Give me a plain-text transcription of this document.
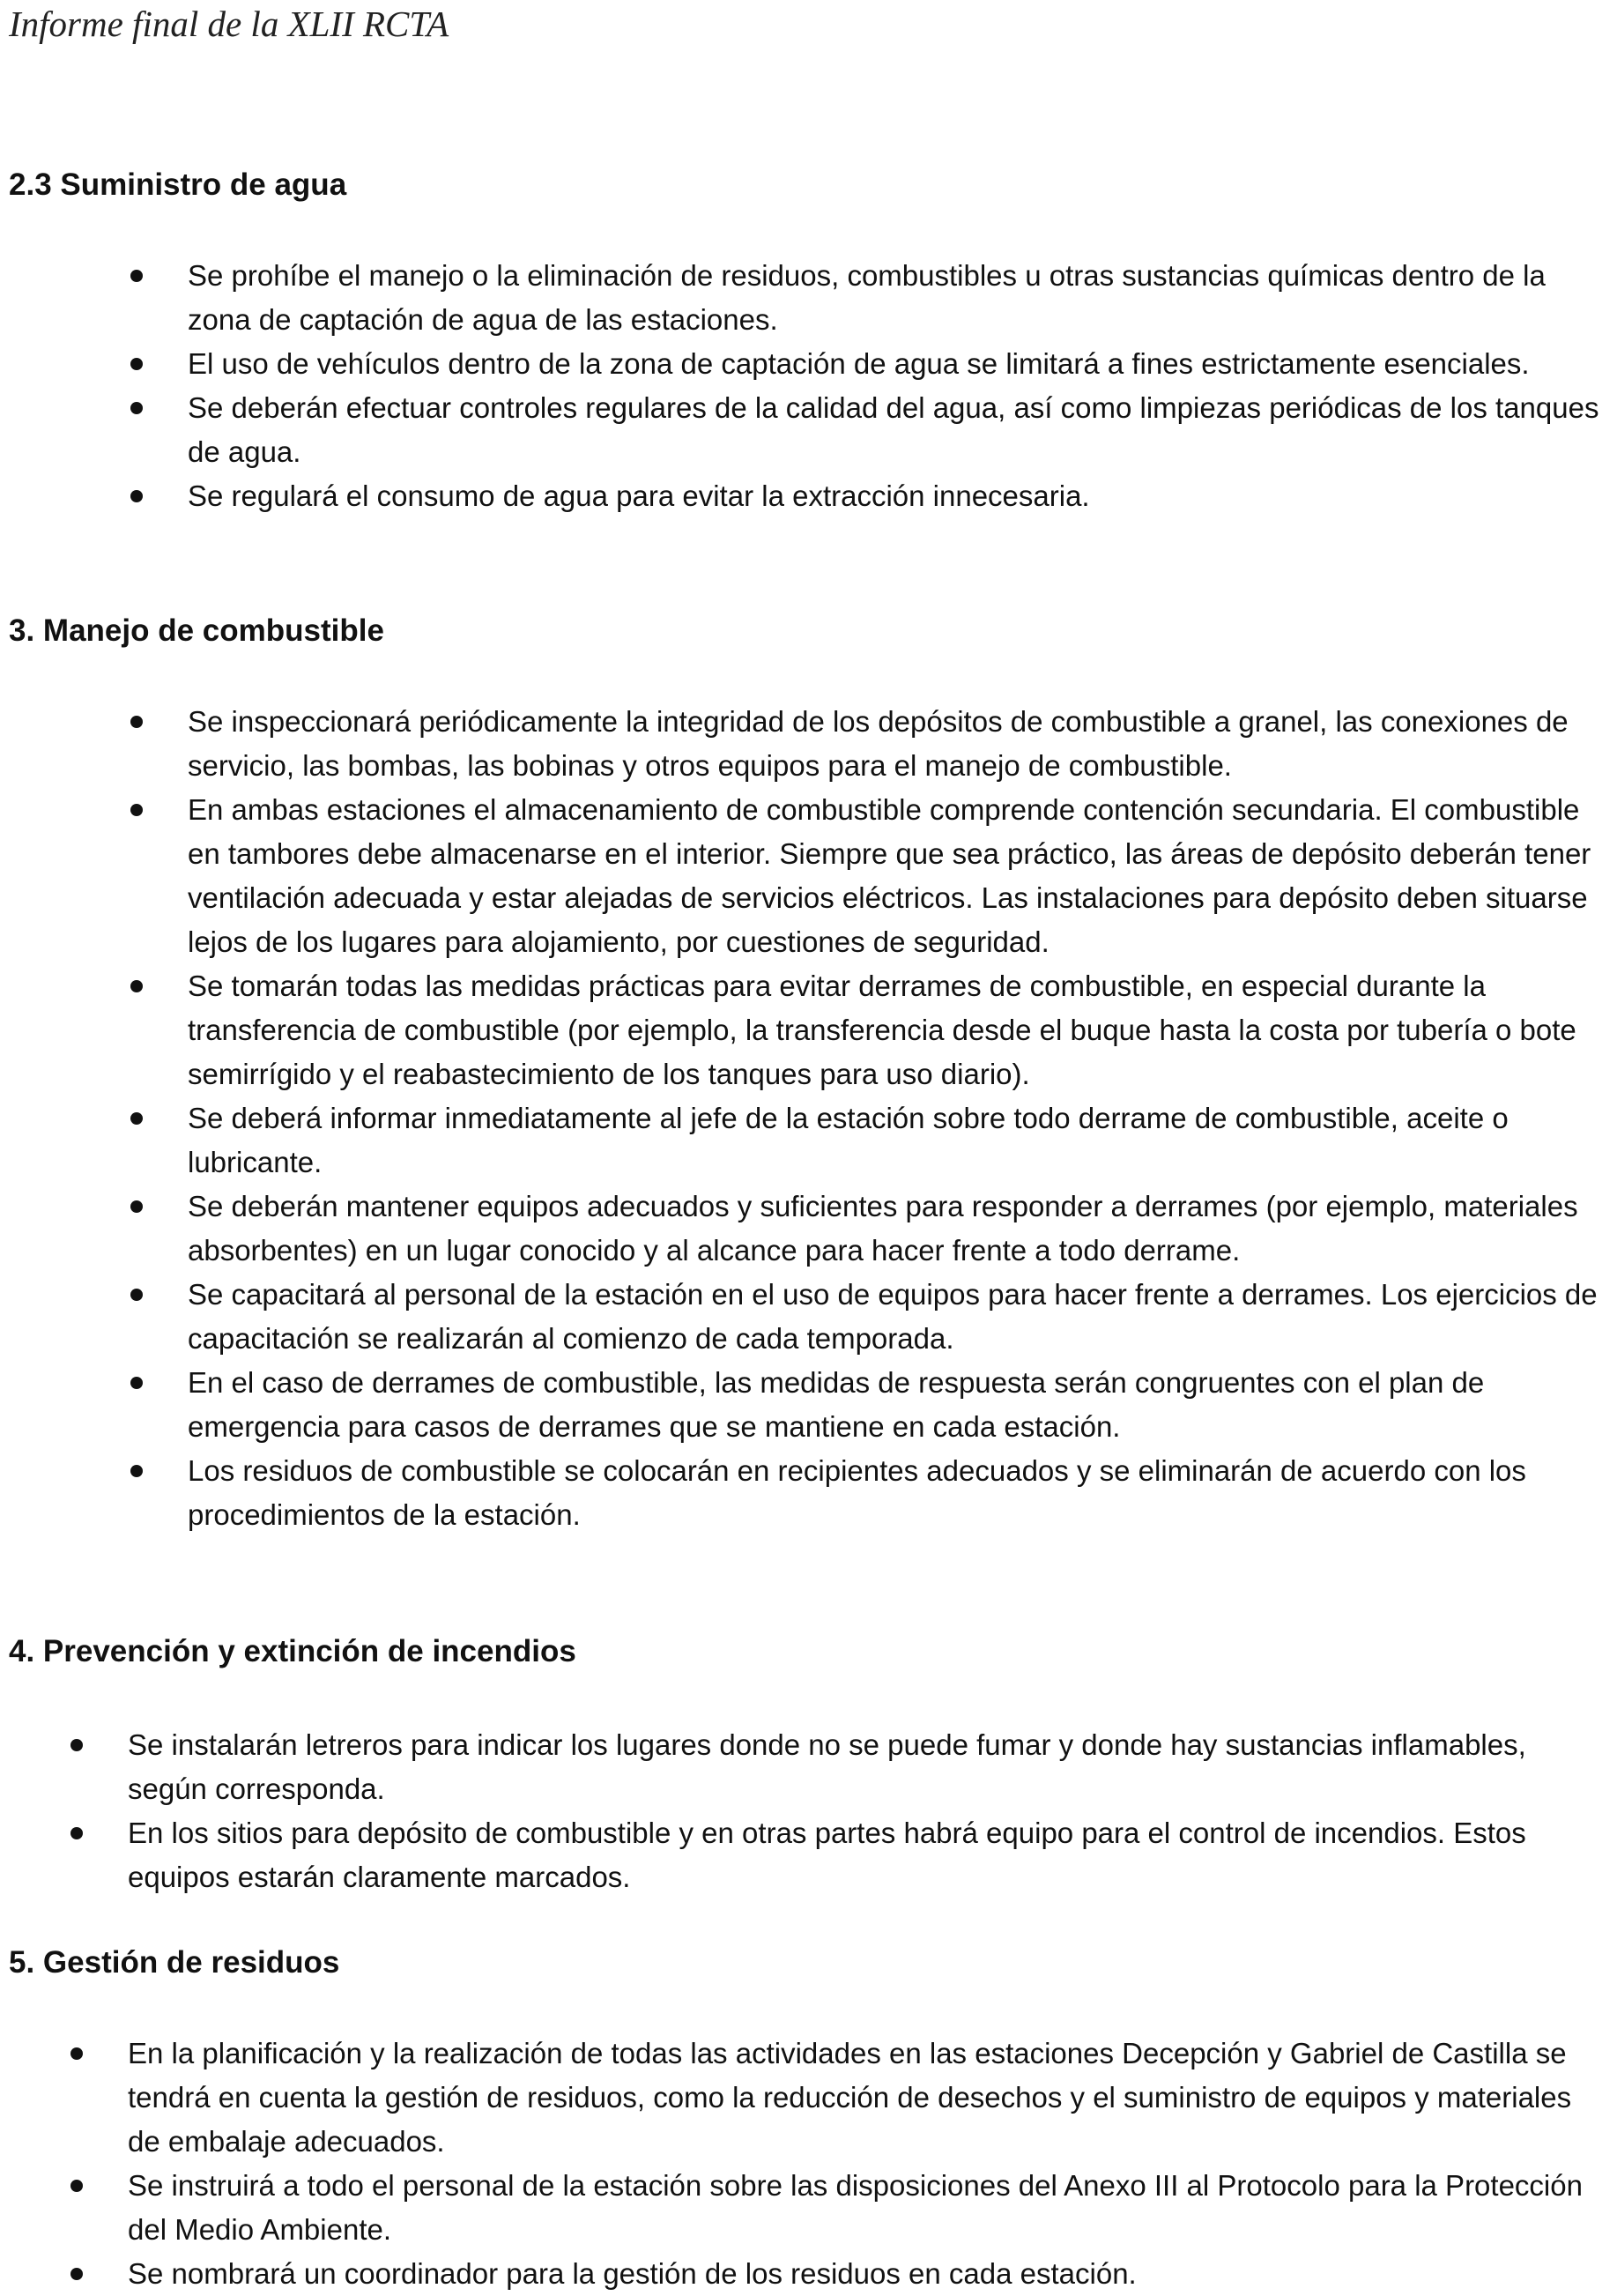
Informe final de la XLII RCTA
2.3 Suministro de agua
Se prohíbe el manejo o la eliminación de residuos, combustibles u otras sustancias químicas dentro de la zona de captación de agua de las estaciones.
El uso de vehículos dentro de la zona de captación de agua se limitará a fines estrictamente esenciales.
Se deberán efectuar controles regulares de la calidad del agua, así como limpiezas periódicas de los tanques de agua.
Se regulará el consumo de agua para evitar la extracción innecesaria.
3. Manejo de combustible
Se inspeccionará periódicamente la integridad de los depósitos de combustible a granel, las conexiones de servicio, las bombas, las bobinas y otros equipos para el manejo de combustible.
En ambas estaciones el almacenamiento de combustible comprende contención secundaria. El combustible en tambores debe almacenarse en el interior. Siempre que sea práctico, las áreas de depósito deberán tener ventilación adecuada y estar alejadas de servicios eléctricos. Las instalaciones para depósito deben situarse lejos de los lugares para alojamiento, por cuestiones de seguridad.
Se tomarán todas las medidas prácticas para evitar derrames de combustible, en especial durante la transferencia de combustible (por ejemplo, la transferencia desde el buque hasta la costa por tubería o bote semirrígido y el reabastecimiento de los tanques para uso diario).
Se deberá informar inmediatamente al jefe de la estación sobre todo derrame de combustible, aceite o lubricante.
Se deberán mantener equipos adecuados y suficientes para responder a derrames (por ejemplo, materiales absorbentes) en un lugar conocido y al alcance para hacer frente a todo derrame.
Se capacitará al personal de la estación en el uso de equipos para hacer frente a derrames. Los ejercicios de capacitación se realizarán al comienzo de cada temporada.
En el caso de derrames de combustible, las medidas de respuesta serán congruentes con el plan de emergencia para casos de derrames que se mantiene en cada estación.
Los residuos de combustible se colocarán en recipientes adecuados y se eliminarán de acuerdo con los procedimientos de la estación.
4. Prevención y extinción de incendios
Se instalarán letreros para indicar los lugares donde no se puede fumar y donde hay sustancias inflamables, según corresponda.
En los sitios para depósito de combustible y en otras partes habrá equipo para el control de incendios. Estos equipos estarán claramente marcados.
5. Gestión de residuos
En la planificación y la realización de todas las actividades en las estaciones Decepción y Gabriel de Castilla se tendrá en cuenta la gestión de residuos, como la reducción de desechos y el suministro de equipos y materiales de embalaje adecuados.
Se instruirá a todo el personal de la estación sobre las disposiciones del Anexo III al Protocolo para la Protección del Medio Ambiente.
Se nombrará un coordinador para la gestión de los residuos en cada estación.
